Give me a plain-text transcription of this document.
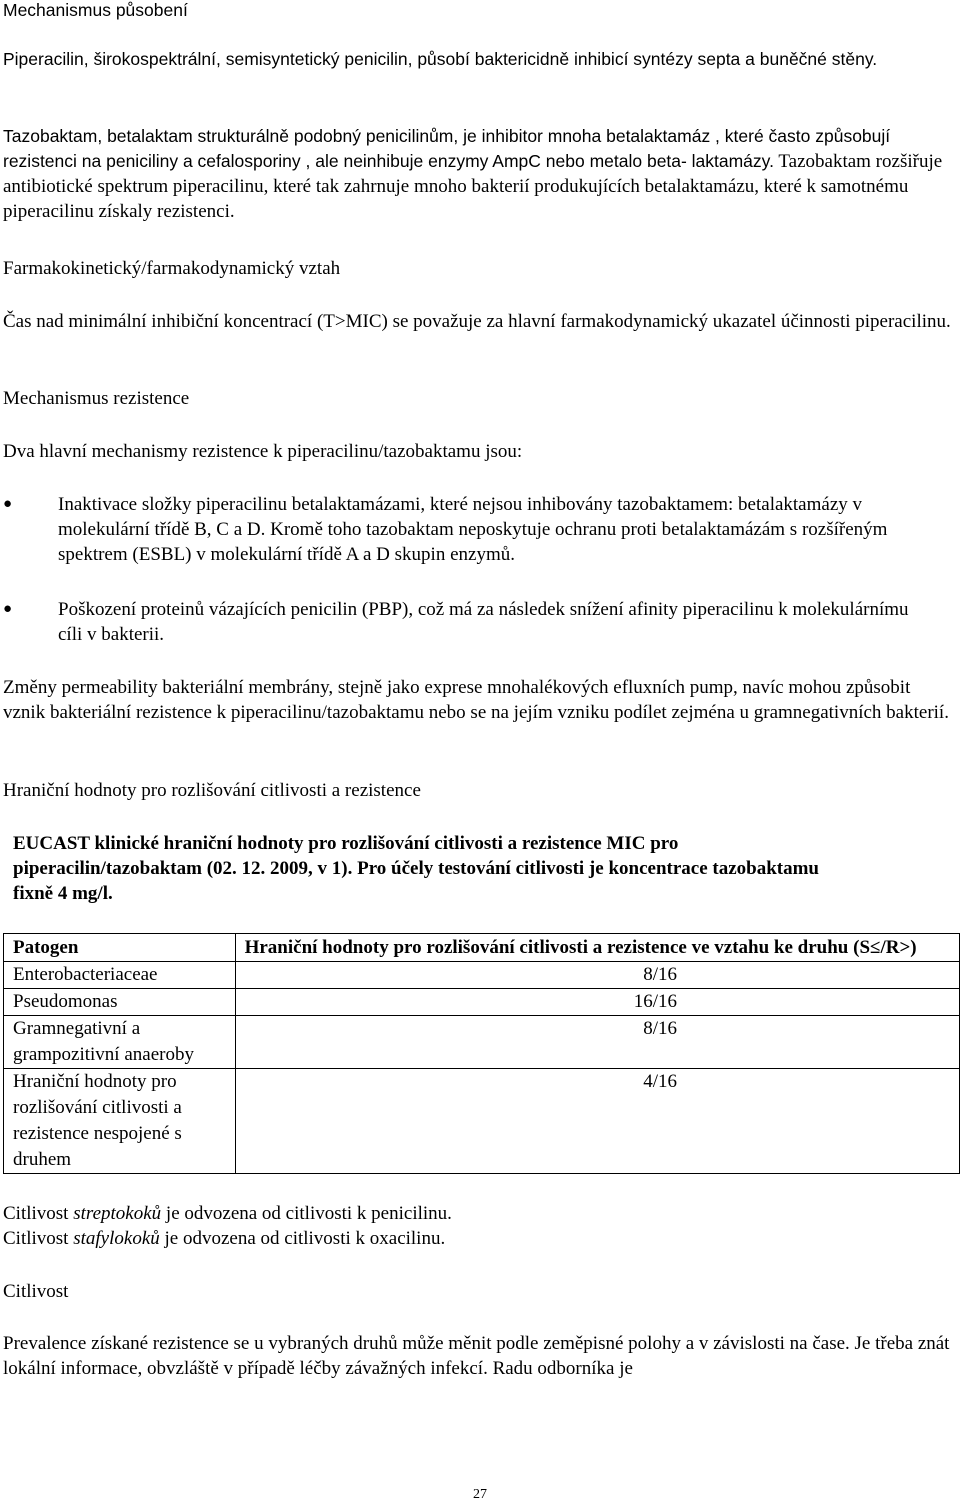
Mechanismus působení

Piperacilin, širokospektrální, semisyntetický penicilin, působí baktericidně inhibicí syntézy septa a buněčné stěny.

Tazobaktam, betalaktam strukturálně podobný penicilinům, je inhibitor mnoha betalaktamáz , které často způsobují rezistenci na peniciliny a cefalosporiny , ale neinhibuje enzymy AmpC nebo metalo beta- laktamázy. Tazobaktam rozšiřuje antibiotické spektrum piperacilinu, které tak zahrnuje mnoho bakterií produkujících betalaktamázu, které k samotnému piperacilinu získaly rezistenci.

Farmakokinetický/farmakodynamický vztah

Čas nad minimální inhibiční koncentrací (T>MIC) se považuje za hlavní farmakodynamický ukazatel účinnosti piperacilinu.

Mechanismus rezistence

Dva hlavní mechanismy rezistence k piperacilinu/tazobaktamu jsou:

● Inaktivace složky piperacilinu betalaktamázami, které nejsou inhibovány tazobaktamem: betalaktamázy v molekulární třídě B, C a D. Kromě toho tazobaktam neposkytuje ochranu proti betalaktamázám s rozšířeným spektrem (ESBL) v molekulární třídě A a D skupin enzymů.

● Poškození proteinů vázajících penicilin (PBP), což má za následek snížení afinity piperacilinu k molekulárnímu cíli v bakterii.

Změny permeability bakteriální membrány, stejně jako exprese mnohalékových efluxních pump, navíc mohou způsobit vznik bakteriální rezistence k piperacilinu/tazobaktamu nebo se na jejím vzniku podílet zejména u gramnegativních bakterií.

Hraniční hodnoty pro rozlišování citlivosti a rezistence

EUCAST klinické hraniční hodnoty pro rozlišování citlivosti a rezistence MIC pro piperacilin/tazobaktam (02. 12. 2009, v 1). Pro účely testování citlivosti je koncentrace tazobaktamu fixně 4 mg/l.

Patogen	Hraniční hodnoty pro rozlišování citlivosti a rezistence ve vztahu ke druhu (S≤/R>)
Enterobacteriaceae	8/16
Pseudomonas	16/16
Gramnegativní a grampozitivní anaeroby	8/16
Hraniční hodnoty pro rozlišování citlivosti a rezistence nespojené s druhem	4/16

Citlivost streptokoků je odvozena od citlivosti k penicilinu.

Citlivost stafylokoků je odvozena od citlivosti k oxacilinu.

Citlivost

Prevalence získané rezistence se u vybraných druhů může měnit podle zeměpisné polohy a v závislosti na čase. Je třeba znát lokální informace, obvzláště v případě léčby závažných infekcí. Radu odborníka je

27
